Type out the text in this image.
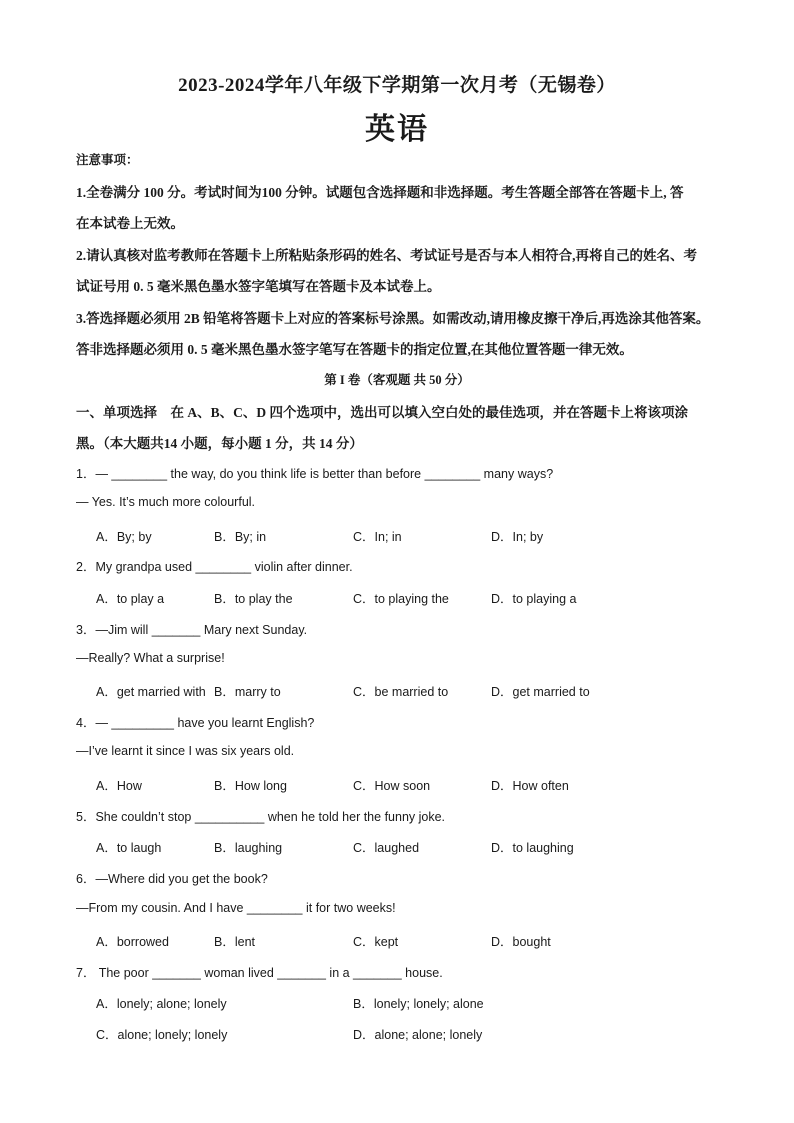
2023-2024学年八年级下学期第一次月考（无锡卷）
英语
注意事项：
1.全卷满分 100 分。考试时间为100 分钟。试题包含选择题和非选择题。考生答题全部答在答题卡上, 答
在本试卷上无效。
2.请认真核对监考教师在答题卡上所粘贴条形码的姓名、考试证号是否与本人相符合,再将自己的姓名、考
试证号用 0. 5 毫米黑色墨水签字笔填写在答题卡及本试卷上。
3.答选择题必须用 2B 铅笔将答题卡上对应的答案标号涂黑。如需改动,请用橡皮擦干净后,再选涂其他答案。
答非选择题必须用 0. 5 毫米黑色墨水签字笔写在答题卡的指定位置,在其他位置答题一律无效。
第 I 卷（客观题 共 50 分）
一、单项选择　在 A、B、C、D 四个选项中，选出可以填入空白处的最佳选项，并在答题卡上将该项涂
黑。（本大题共14 小题，每小题 1 分，共 14 分）
1．— ________ the way, do you think life is better than before ________ many ways?
— Yes. It’s much more colourful.
A．By; by	B．By; in	C．In; in	D．In; by
2．My grandpa used ________ violin after dinner.
A．to play a	B．to play the	C．to playing the	D．to playing a
3．—Jim will _______ Mary next Sunday.
—Really? What a surprise!
A．get married with B．marry to	C．be married to	D．get married to
4．— _________ have you learnt English?
—I’ve learnt it since I was six years old.
A．How	B．How long	C．How soon	D．How often
5．She couldn’t stop __________ when he told her the funny joke.
A．to laugh	B．laughing	C．laughed	D．to laughing
6．—Where did you get the book?
—From my cousin. And I have ________ it for two weeks!
A．borrowed	B．lent	C．kept	D．bought
7． The poor _______ woman lived _______ in a _______ house.
A．lonely; alone; lonely	B．lonely; lonely; alone
C．alone; lonely; lonely	D．alone; alone; lonely
